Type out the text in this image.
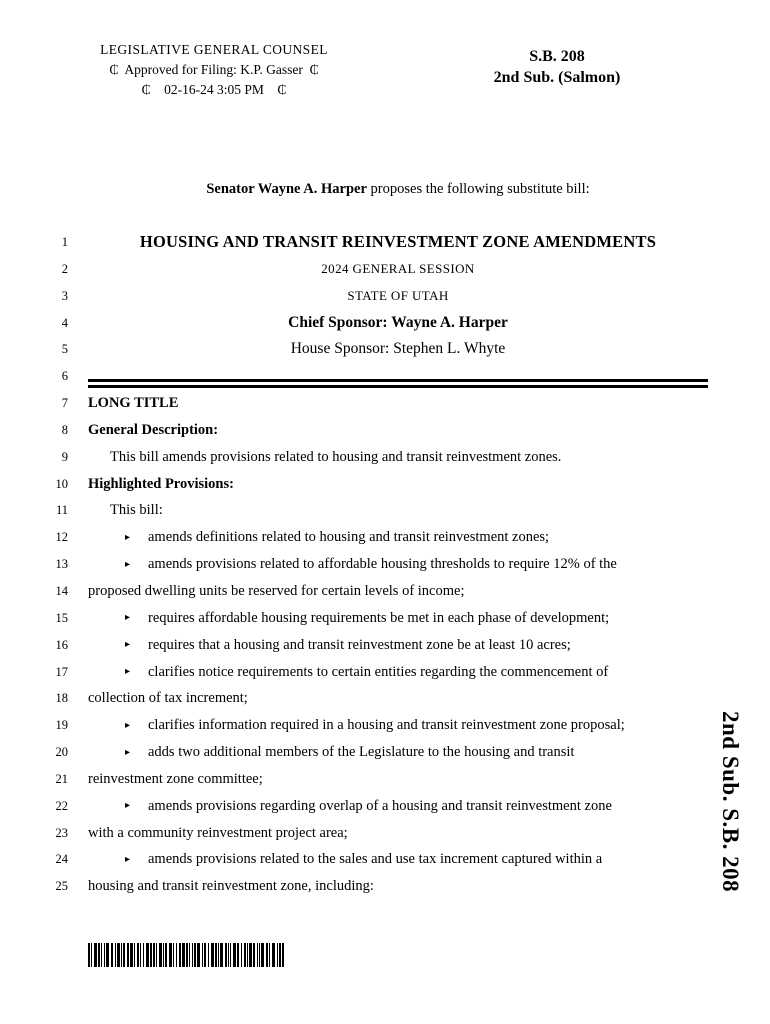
LEGISLATIVE GENERAL COUNSEL
₵  Approved for Filing: K.P. Gasser  ₵
₵    02-16-24 3:05 PM    ₵
S.B. 208
2nd Sub. (Salmon)
Senator Wayne A. Harper proposes the following substitute bill:
1	HOUSING AND TRANSIT REINVESTMENT ZONE AMENDMENTS
2	2024 GENERAL SESSION
3	STATE OF UTAH
4	Chief Sponsor: Wayne A. Harper
5	House Sponsor: Stephen L. Whyte
6
7 LONG TITLE
8 General Description:
9	This bill amends provisions related to housing and transit reinvestment zones.
10 Highlighted Provisions:
11	This bill:
12	▸ amends definitions related to housing and transit reinvestment zones;
13	▸ amends provisions related to affordable housing thresholds to require 12% of the
14 proposed dwelling units be reserved for certain levels of income;
15	▸ requires affordable housing requirements be met in each phase of development;
16	▸ requires that a housing and transit reinvestment zone be at least 10 acres;
17	▸ clarifies notice requirements to certain entities regarding the commencement of
18 collection of tax increment;
19	▸ clarifies information required in a housing and transit reinvestment zone proposal;
20	▸ adds two additional members of the Legislature to the housing and transit
21 reinvestment zone committee;
22	▸ amends provisions regarding overlap of a housing and transit reinvestment zone
23 with a community reinvestment project area;
24	▸ amends provisions related to the sales and use tax increment captured within a
25 housing and transit reinvestment zone, including:	2nd Sub. S.B. 208
